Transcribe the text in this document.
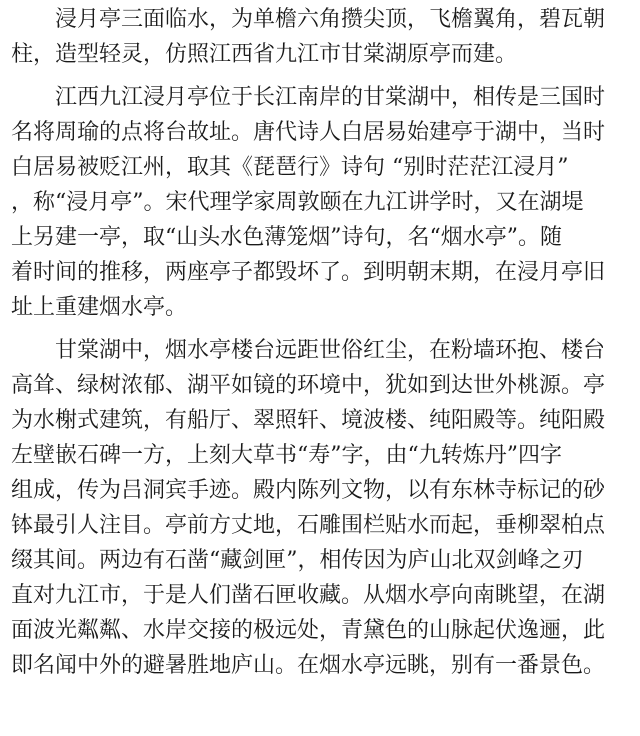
　　浸月亭三面临水，为单檐六角攒尖顶，飞檐翼角，碧瓦朝
柱，造型轻灵，仿照江西省九江市甘棠湖原亭而建。
　　江西九江浸月亭位于长江南岸的甘棠湖中，相传是三国时
名将周瑜的点将台故址。唐代诗人白居易始建亭于湖中，当时
白居易被贬江州，取其《琵琶行》诗句 “别时茫茫江浸月”
，称“浸月亭”。宋代理学家周敦颐在九江讲学时，又在湖堤
上另建一亭，取“山头水色薄笼烟”诗句，名“烟水亭”。随
着时间的推移，两座亭子都毁坏了。到明朝末期，在浸月亭旧
址上重建烟水亭。
　　甘棠湖中，烟水亭楼台远距世俗红尘，在粉墙环抱、楼台
高耸、绿树浓郁、湖平如镜的环境中，犹如到达世外桃源。亭
为水榭式建筑，有船厅、翠照轩、境波楼、纯阳殿等。纯阳殿
左壁嵌石碑一方，上刻大草书“寿”字，由“九转炼丹”四字
组成，传为吕洞宾手迹。殿内陈列文物，以有东林寺标记的砂
钵最引人注目。亭前方丈地，石雕围栏贴水而起，垂柳翠柏点
缀其间。两边有石凿“藏剑匣”，相传因为庐山北双剑峰之刃
直对九江市，于是人们凿石匣收藏。从烟水亭向南眺望，在湖
面波光粼粼、水岸交接的极远处，青黛色的山脉起伏逸逦，此
即名闻中外的避暑胜地庐山。在烟水亭远眺，别有一番景色。
